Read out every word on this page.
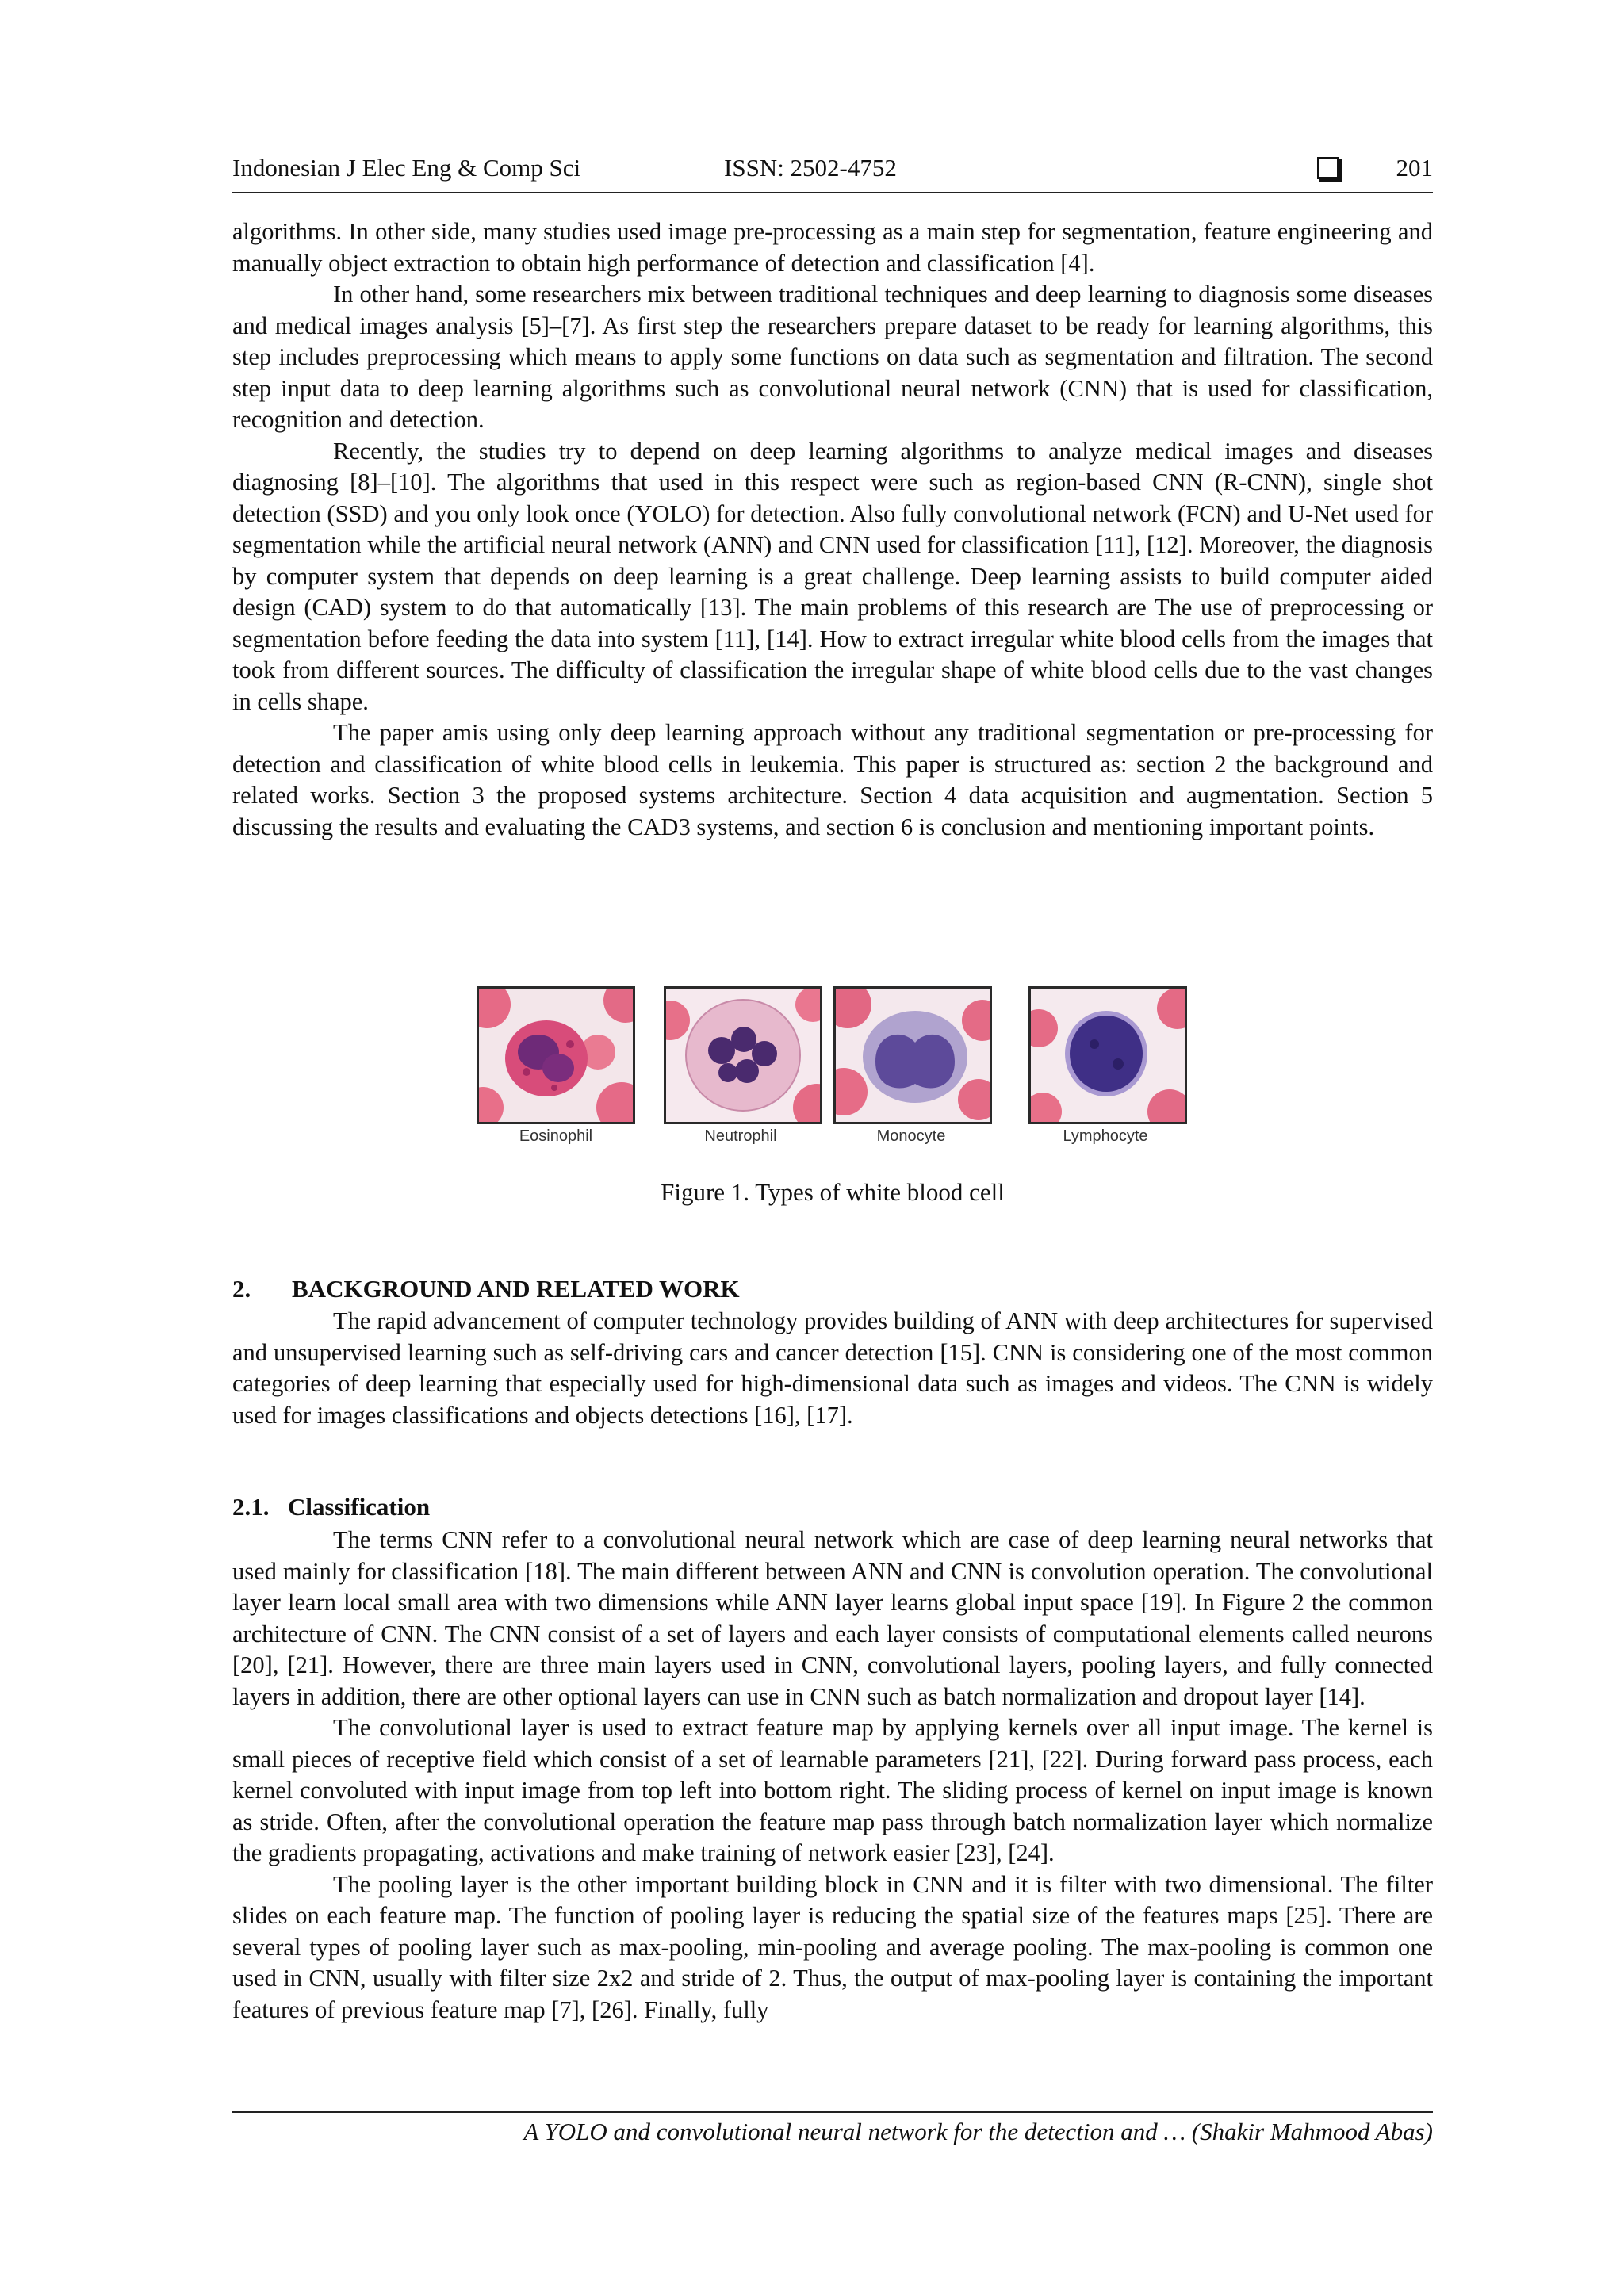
Indonesian J Elec Eng & Comp Sci	ISSN: 2502-4752	201

algorithms. In other side, many studies used image pre-processing as a main step for segmentation, feature engineering and manually object extraction to obtain high performance of detection and classification [4].

In other hand, some researchers mix between traditional techniques and deep learning to diagnosis some diseases and medical images analysis [5]–[7]. As first step the researchers prepare dataset to be ready for learning algorithms, this step includes preprocessing which means to apply some functions on data such as segmentation and filtration. The second step input data to deep learning algorithms such as convolutional neural network (CNN) that is used for classification, recognition and detection.

Recently, the studies try to depend on deep learning algorithms to analyze medical images and diseases diagnosing [8]–[10]. The algorithms that used in this respect were such as region-based CNN (R-CNN), single shot detection (SSD) and you only look once (YOLO) for detection. Also fully convolutional network (FCN) and U-Net used for segmentation while the artificial neural network (ANN) and CNN used for classification [11], [12]. Moreover, the diagnosis by computer system that depends on deep learning is a great challenge. Deep learning assists to build computer aided design (CAD) system to do that automatically [13]. The main problems of this research are The use of preprocessing or segmentation before feeding the data into system [11], [14]. How to extract irregular white blood cells from the images that took from different sources. The difficulty of classification the irregular shape of white blood cells due to the vast changes in cells shape.

The paper amis using only deep learning approach without any traditional segmentation or pre-processing for detection and classification of white blood cells in leukemia. This paper is structured as: section 2 the background and related works. Section 3 the proposed systems architecture. Section 4 data acquisition and augmentation. Section 5 discussing the results and evaluating the CAD3 systems, and section 6 is conclusion and mentioning important points.

Eosinophil	Neutrophil	Monocyte	Lymphocyte
Figure 1. Types of white blood cell
2. BACKGROUND AND RELATED WORK

The rapid advancement of computer technology provides building of ANN with deep architectures for supervised and unsupervised learning such as self-driving cars and cancer detection [15]. CNN is considering one of the most common categories of deep learning that especially used for high-dimensional data such as images and videos. The CNN is widely used for images classifications and objects detections [16], [17].

2.1. Classification

The terms CNN refer to a convolutional neural network which are case of deep learning neural networks that used mainly for classification [18]. The main different between ANN and CNN is convolution operation. The convolutional layer learn local small area with two dimensions while ANN layer learns global input space [19]. In Figure 2 the common architecture of CNN. The CNN consist of a set of layers and each layer consists of computational elements called neurons [20], [21]. However, there are three main layers used in CNN, convolutional layers, pooling layers, and fully connected layers in addition, there are other optional layers can use in CNN such as batch normalization and dropout layer [14].

The convolutional layer is used to extract feature map by applying kernels over all input image. The kernel is small pieces of receptive field which consist of a set of learnable parameters [21], [22]. During forward pass process, each kernel convoluted with input image from top left into bottom right. The sliding process of kernel on input image is known as stride. Often, after the convolutional operation the feature map pass through batch normalization layer which normalize the gradients propagating, activations and make training of network easier [23], [24].

The pooling layer is the other important building block in CNN and it is filter with two dimensional. The filter slides on each feature map. The function of pooling layer is reducing the spatial size of the features maps [25]. There are several types of pooling layer such as max-pooling, min-pooling and average pooling. The max-pooling is common one used in CNN, usually with filter size 2x2 and stride of 2. Thus, the output of max-pooling layer is containing the important features of previous feature map [7], [26]. Finally, fully

A YOLO and convolutional neural network for the detection and … (Shakir Mahmood Abas)
